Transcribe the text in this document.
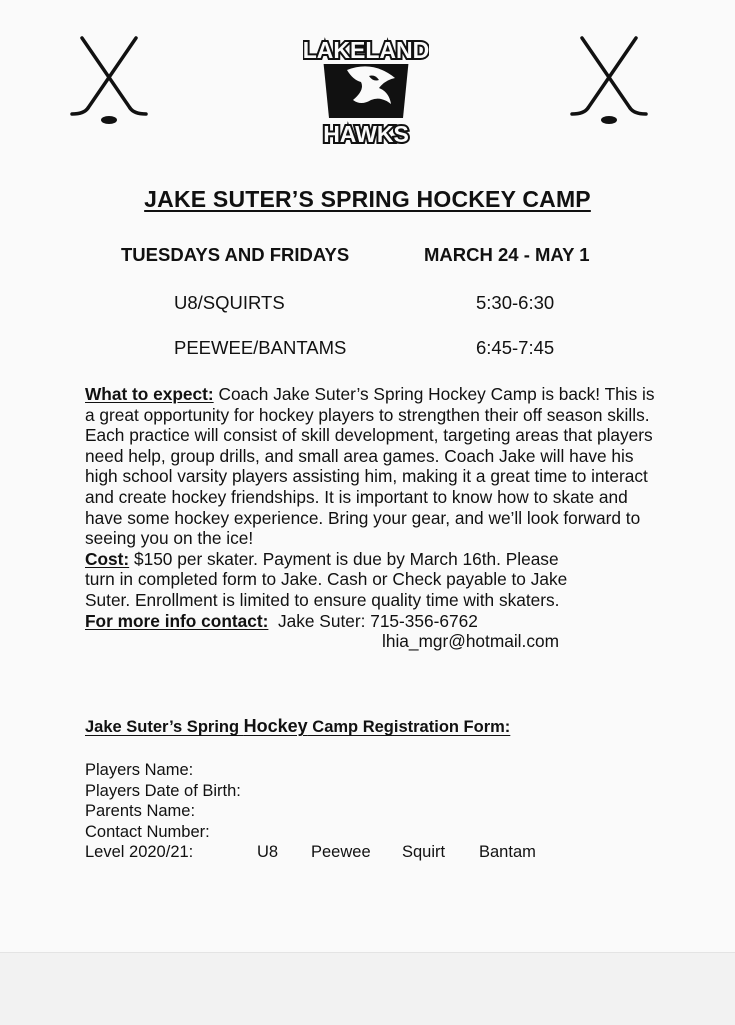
LAKELAND
HAWKS
JAKE SUTER’S SPRING HOCKEY CAMP
TUESDAYS AND FRIDAYS	MARCH 24 - MAY 1
U8/SQUIRTS	5:30-6:30
PEEWEE/BANTAMS	6:45-7:45

What to expect: Coach Jake Suter’s Spring Hockey Camp is back! This is a great opportunity for hockey players to strengthen their off season skills. Each practice will consist of skill development, targeting areas that players need help, group drills, and small area games. Coach Jake will have his high school varsity players assisting him, making it a great time to interact and create hockey friendships. It is important to know how to skate and have some hockey experience. Bring your gear, and we’ll look forward to seeing you on the ice!

Cost: $150 per skater. Payment is due by March 16th. Please turn in completed form to Jake. Cash or Check payable to Jake Suter. Enrollment is limited to ensure quality time with skaters.

For more info contact: Jake Suter: 715-356-6762
lhia_mgr@hotmail.com

Jake Suter’s Spring Hockey Camp Registration Form:
Players Name:
Players Date of Birth:
Parents Name:
Contact Number:
Level 2020/21:	U8 Peewee Squirt Bantam
